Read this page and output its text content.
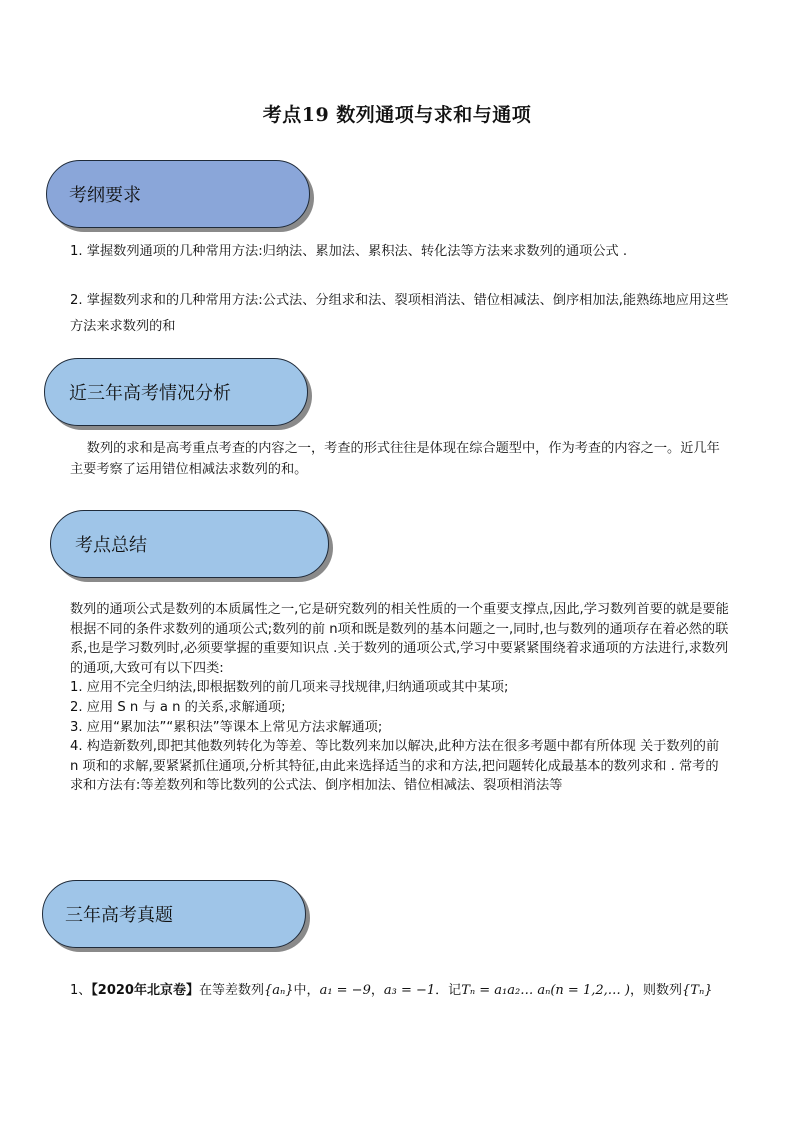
考点19 数列通项与求和与通项
考纲要求

1. 掌握数列通项的几种常用方法:归纳法、累加法、累积法、转化法等方法来求数列的通项公式 .

2. 掌握数列求和的几种常用方法:公式法、分组求和法、裂项相消法、错位相减法、倒序相加法,能熟练地应用这些方法来求数列的和

近三年高考情况分析

数列的求和是高考重点考查的内容之一，考查的形式往往是体现在综合题型中，作为考查的内容之一。近几年主要考察了运用错位相减法求数列的和。

考点总结
数列的通项公式是数列的本质属性之一,它是研究数列的相关性质的一个重要支撑点,因此,学习数列首要的就是要能根据不同的条件求数列的通项公式;数列的前 n项和既是数列的基本问题之一,同时,也与数列的通项存在着必然的联系,也是学习数列时,必须要掌握的重要知识点 .关于数列的通项公式,学习中要紧紧围绕着求通项的方法进行,求数列的通项,大致可有以下四类:
1. 应用不完全归纳法,即根据数列的前几项来寻找规律,归纳通项或其中某项;
2. 应用 S n 与 a n 的关系,求解通项;
3. 应用“累加法”“累积法”等课本上常见方法求解通项;
4. 构造新数列,即把其他数列转化为等差、等比数列来加以解决,此种方法在很多考题中都有所体现 关于数列的前 n 项和的求解,要紧紧抓住通项,分析其特征,由此来选择适当的求和方法,把问题转化成最基本的数列求和 . 常考的求和方法有:等差数列和等比数列的公式法、倒序相加法、错位相减法、裂项相消法等
三年高考真题
1、【2020年北京卷】在等差数列{aₙ}中，a₁ = −9，a₃ = −1．记Tₙ = a₁a₂… aₙ(n = 1,2,… )，则数列{Tₙ}
